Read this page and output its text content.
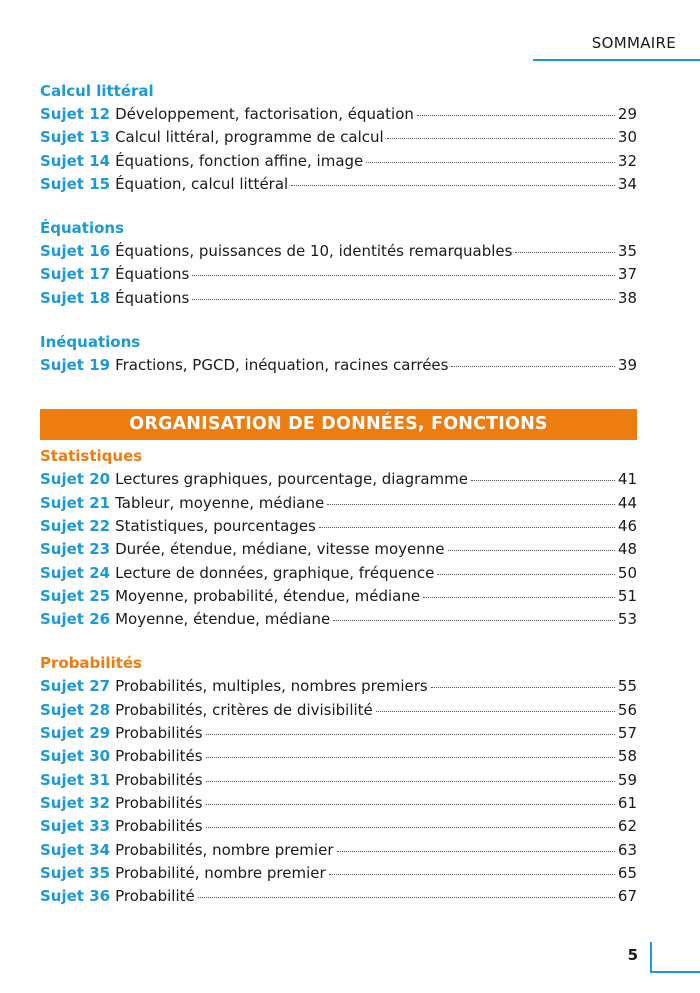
SOMMAIRE
Calcul littéral
Sujet 12 Développement, factorisation, équation	29
Sujet 13 Calcul littéral, programme de calcul	30
Sujet 14 Équations, fonction affine, image	32
Sujet 15 Équation, calcul littéral	34
Équations
Sujet 16 Équations, puissances de 10, identités remarquables	35
Sujet 17 Équations	37
Sujet 18 Équations	38
Inéquations
Sujet 19 Fractions, PGCD, inéquation, racines carrées	39
ORGANISATION DE DONNÉES, FONCTIONS
Statistiques
Sujet 20 Lectures graphiques, pourcentage, diagramme	41
Sujet 21 Tableur, moyenne, médiane	44
Sujet 22 Statistiques, pourcentages	46
Sujet 23 Durée, étendue, médiane, vitesse moyenne	48
Sujet 24 Lecture de données, graphique, fréquence	50
Sujet 25 Moyenne, probabilité, étendue, médiane	51
Sujet 26 Moyenne, étendue, médiane	53
Probabilités
Sujet 27 Probabilités, multiples, nombres premiers	55
Sujet 28 Probabilités, critères de divisibilité	56
Sujet 29 Probabilités	57
Sujet 30 Probabilités	58
Sujet 31 Probabilités	59
Sujet 32 Probabilités	61
Sujet 33 Probabilités	62
Sujet 34 Probabilités, nombre premier	63
Sujet 35 Probabilité, nombre premier	65
Sujet 36 Probabilité	67
5
